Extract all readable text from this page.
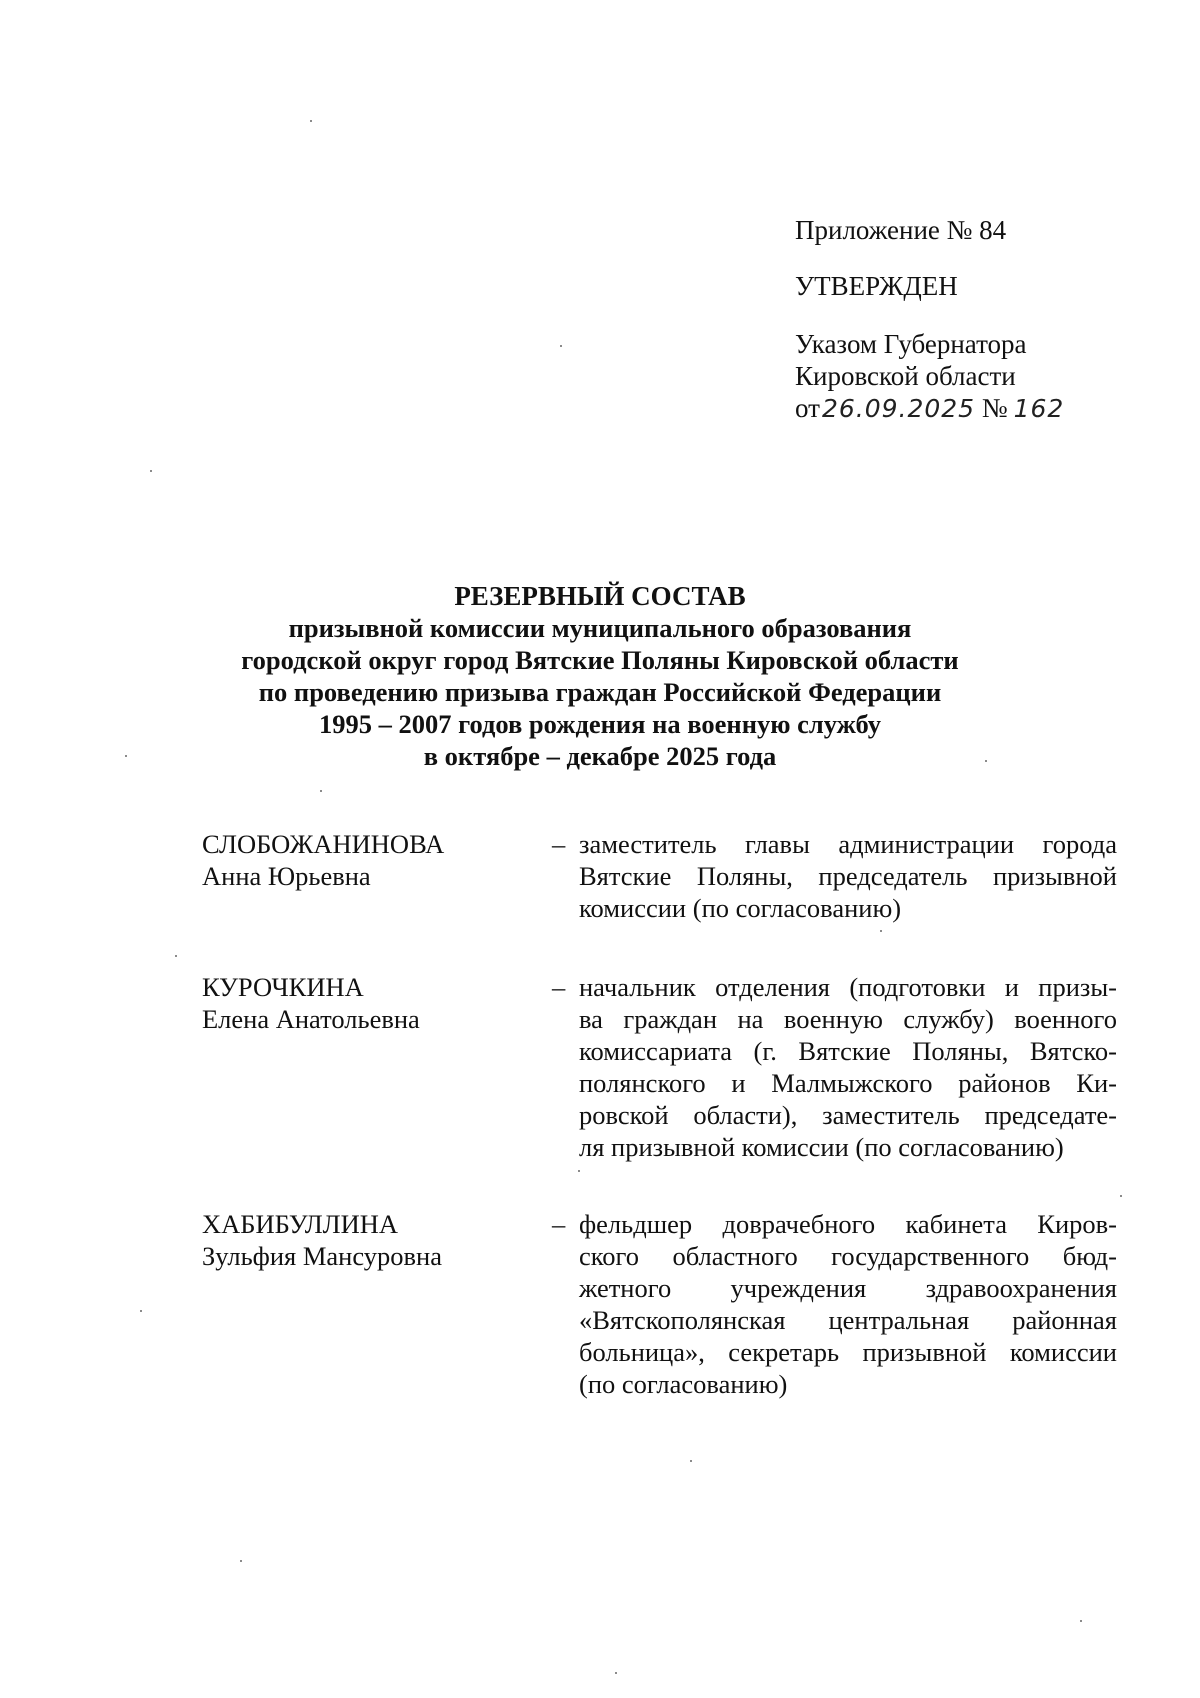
Приложение № 84
УТВЕРЖДЕН
Указом Губернатора
Кировской области
от26.09.2025 № 162
РЕЗЕРВНЫЙ СОСТАВ
призывной комиссии муниципального образования
городской округ город Вятские Поляны Кировской области
по проведению призыва граждан Российской Федерации
1995 – 2007 годов рождения на военную службу
в октябре – декабре 2025 года
СЛОБОЖАНИНОВА
Анна Юрьевна
– заместитель главы администрации города
Вятские Поляны, председатель призывной
комиссии (по согласованию)
КУРОЧКИНА
Елена Анатольевна
– начальник отделения (подготовки и призы-
ва граждан на военную службу) военного
комиссариата (г. Вятские Поляны, Вятско-
полянского и Малмыжского районов Ки-
ровской области), заместитель председате-
ля призывной комиссии (по согласованию)
ХАБИБУЛЛИНА
Зульфия Мансуровна
– фельдшер доврачебного кабинета Киров-
ского областного государственного бюд-
жетного учреждения здравоохранения
«Вятскополянская центральная районная
больница», секретарь призывной комиссии
(по согласованию)
